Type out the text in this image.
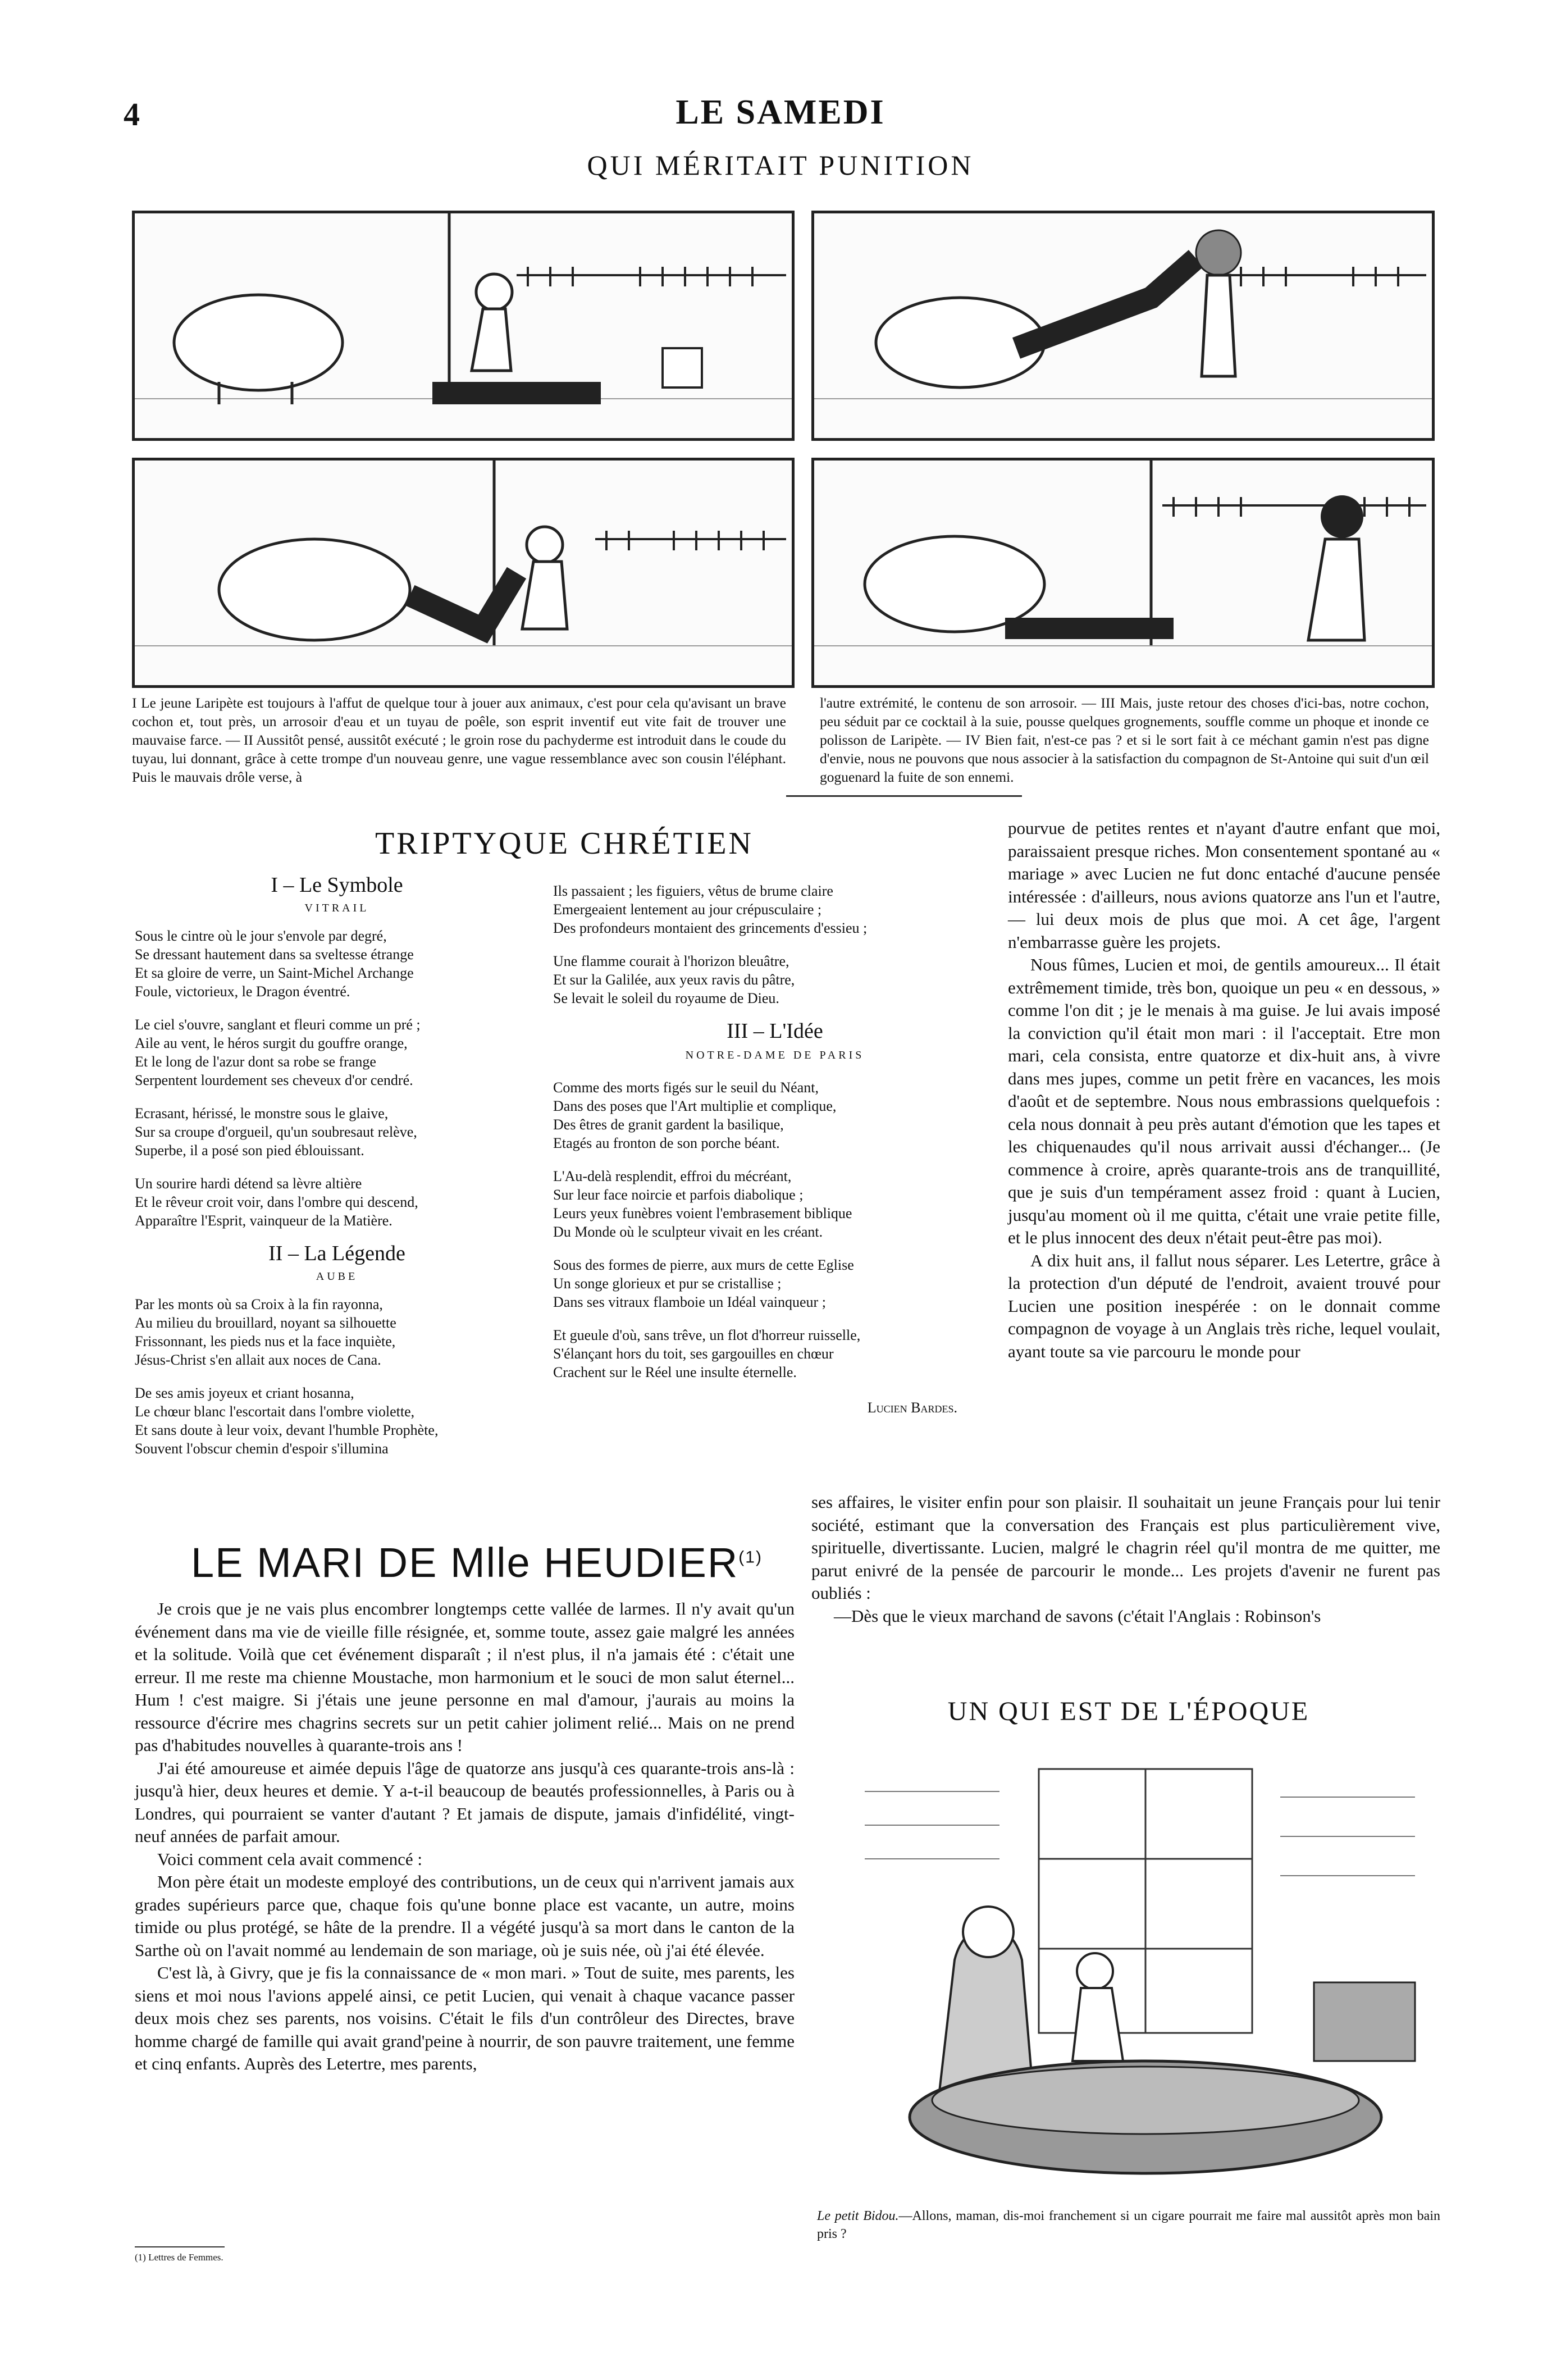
4	LE SAMEDI
QUI MÉRITAIT PUNITION
I Le jeune Laripète est toujours à l'affut de quelque tour à jouer aux animaux, c'est pour cela qu'avisant un brave cochon et, tout près, un arrosoir d'eau et un tuyau de poêle, son esprit inventif eut vite fait de trouver une mauvaise farce. — II Aussitôt pensé, aussitôt exécuté ; le groin rose du pachyderme est introduit dans le coude du tuyau, lui donnant, grâce à cette trompe d'un nouveau genre, une vague ressemblance avec son cousin l'éléphant. Puis le mauvais drôle verse, à
l'autre extrémité, le contenu de son arrosoir. — III Mais, juste retour des choses d'ici-bas, notre cochon, peu séduit par ce cocktail à la suie, pousse quelques grognements, souffle comme un phoque et inonde ce polisson de Laripète. — IV Bien fait, n'est-ce pas ? et si le sort fait à ce méchant gamin n'est pas digne d'envie, nous ne pouvons que nous associer à la satisfaction du compagnon de St-Antoine qui suit d'un œil goguenard la fuite de son ennemi.
TRIPTYQUE CHRÉTIEN
I – Le Symbole
VITRAIL

Sous le cintre où le jour s'envole par degré,

Se dressant hautement dans sa sveltesse étrange

Et sa gloire de verre, un Saint-Michel Archange

Foule, victorieux, le Dragon éventré.

Le ciel s'ouvre, sanglant et fleuri comme un pré ;

Aile au vent, le héros surgit du gouffre orange,

Et le long de l'azur dont sa robe se frange

Serpentent lourdement ses cheveux d'or cendré.

Ecrasant, hérissé, le monstre sous le glaive,

Sur sa croupe d'orgueil, qu'un soubresaut relève,

Superbe, il a posé son pied éblouissant.

Un sourire hardi détend sa lèvre altière

Et le rêveur croit voir, dans l'ombre qui descend,

Apparaître l'Esprit, vainqueur de la Matière.

II – La Légende
AUBE

Par les monts où sa Croix à la fin rayonna,

Au milieu du brouillard, noyant sa silhouette

Frissonnant, les pieds nus et la face inquiète,

Jésus-Christ s'en allait aux noces de Cana.

De ses amis joyeux et criant hosanna,

Le chœur blanc l'escortait dans l'ombre violette,

Et sans doute à leur voix, devant l'humble Prophète,

Souvent l'obscur chemin d'espoir s'illumina

Ils passaient ; les figuiers, vêtus de brume claire

Emergeaient lentement au jour crépusculaire ;

Des profondeurs montaient des grincements d'essieu ;

Une flamme courait à l'horizon bleuâtre,

Et sur la Galilée, aux yeux ravis du pâtre,

Se levait le soleil du royaume de Dieu.

III – L'Idée
NOTRE-DAME DE PARIS

Comme des morts figés sur le seuil du Néant,

Dans des poses que l'Art multiplie et complique,

Des êtres de granit gardent la basilique,

Etagés au fronton de son porche béant.

L'Au-delà resplendit, effroi du mécréant,

Sur leur face noircie et parfois diabolique ;

Leurs yeux funèbres voient l'embrasement biblique

Du Monde où le sculpteur vivait en les créant.

Sous des formes de pierre, aux murs de cette Eglise

Un songe glorieux et pur se cristallise ;

Dans ses vitraux flamboie un Idéal vainqueur ;

Et gueule d'où, sans trêve, un flot d'horreur ruisselle,

S'élançant hors du toit, ses gargouilles en chœur

Crachent sur le Réel une insulte éternelle.

Lucien Bardes.
LE MARI DE Mlle HEUDIER$^{(1)}$

Je crois que je ne vais plus encombrer longtemps cette vallée de larmes. Il n'y avait qu'un événement dans ma vie de vieille fille résignée, et, somme toute, assez gaie malgré les années et la solitude. Voilà que cet événement disparaît ; il n'est plus, il n'a jamais été : c'était une erreur. Il me reste ma chienne Moustache, mon harmonium et le souci de mon salut éternel... Hum ! c'est maigre. Si j'étais une jeune personne en mal d'amour, j'aurais au moins la ressource d'écrire mes chagrins secrets sur un petit cahier joliment relié... Mais on ne prend pas d'habitudes nouvelles à quarante-trois ans !

J'ai été amoureuse et aimée depuis l'âge de quatorze ans jusqu'à ces quarante-trois ans-là : jusqu'à hier, deux heures et demie. Y a-t-il beaucoup de beautés professionnelles, à Paris ou à Londres, qui pourraient se vanter d'autant ? Et jamais de dispute, jamais d'infidélité, vingt-neuf années de parfait amour.

Voici comment cela avait commencé :

Mon père était un modeste employé des contributions, un de ceux qui n'arrivent jamais aux grades supérieurs parce que, chaque fois qu'une bonne place est vacante, un autre, moins timide ou plus protégé, se hâte de la prendre. Il a végété jusqu'à sa mort dans le canton de la Sarthe où on l'avait nommé au lendemain de son mariage, où je suis née, où j'ai été élevée.

C'est là, à Givry, que je fis la connaissance de « mon mari. » Tout de suite, mes parents, les siens et moi nous l'avions appelé ainsi, ce petit Lucien, qui venait à chaque vacance passer deux mois chez ses parents, nos voisins. C'était le fils d'un contrôleur des Directes, brave homme chargé de famille qui avait grand'peine à nourrir, de son pauvre traitement, une femme et cinq enfants. Auprès des Letertre, mes parents,

(1) Lettres de Femmes.

pourvue de petites rentes et n'ayant d'autre enfant que moi, paraissaient presque riches. Mon consentement spontané au « mariage » avec Lucien ne fut donc entaché d'aucune pensée intéressée : d'ailleurs, nous avions quatorze ans l'un et l'autre, — lui deux mois de plus que moi. A cet âge, l'argent n'embarrasse guère les projets.

Nous fûmes, Lucien et moi, de gentils amoureux... Il était extrêmement timide, très bon, quoique un peu « en dessous, » comme l'on dit ; je le menais à ma guise. Je lui avais imposé la conviction qu'il était mon mari : il l'acceptait. Etre mon mari, cela consista, entre quatorze et dix-huit ans, à vivre dans mes jupes, comme un petit frère en vacances, les mois d'août et de septembre. Nous nous embrassions quelquefois : cela nous donnait à peu près autant d'émotion que les tapes et les chiquenaudes qu'il nous arrivait aussi d'échanger... (Je commence à croire, après quarante-trois ans de tranquillité, que je suis d'un tempérament assez froid : quant à Lucien, jusqu'au moment où il me quitta, c'était une vraie petite fille, et le plus innocent des deux n'était peut-être pas moi).

A dix huit ans, il fallut nous séparer. Les Letertre, grâce à la protection d'un député de l'endroit, avaient trouvé pour Lucien une position inespérée : on le donnait comme compagnon de voyage à un Anglais très riche, lequel voulait, ayant toute sa vie parcouru le monde pour

ses affaires, le visiter enfin pour son plaisir. Il souhaitait un jeune Français pour lui tenir société, estimant que la conversation des Français est plus particulièrement vive, spirituelle, divertissante. Lucien, malgré le chagrin réel qu'il montra de me quitter, me parut enivré de la pensée de parcourir le monde... Les projets d'avenir ne furent pas oubliés :

—Dès que le vieux marchand de savons (c'était l'Anglais : Robinson's

UN QUI EST DE L'ÉPOQUE
Le petit Bidou.—Allons, maman, dis-moi franchement si un cigare pourrait me faire mal aussitôt après mon bain pris ?
